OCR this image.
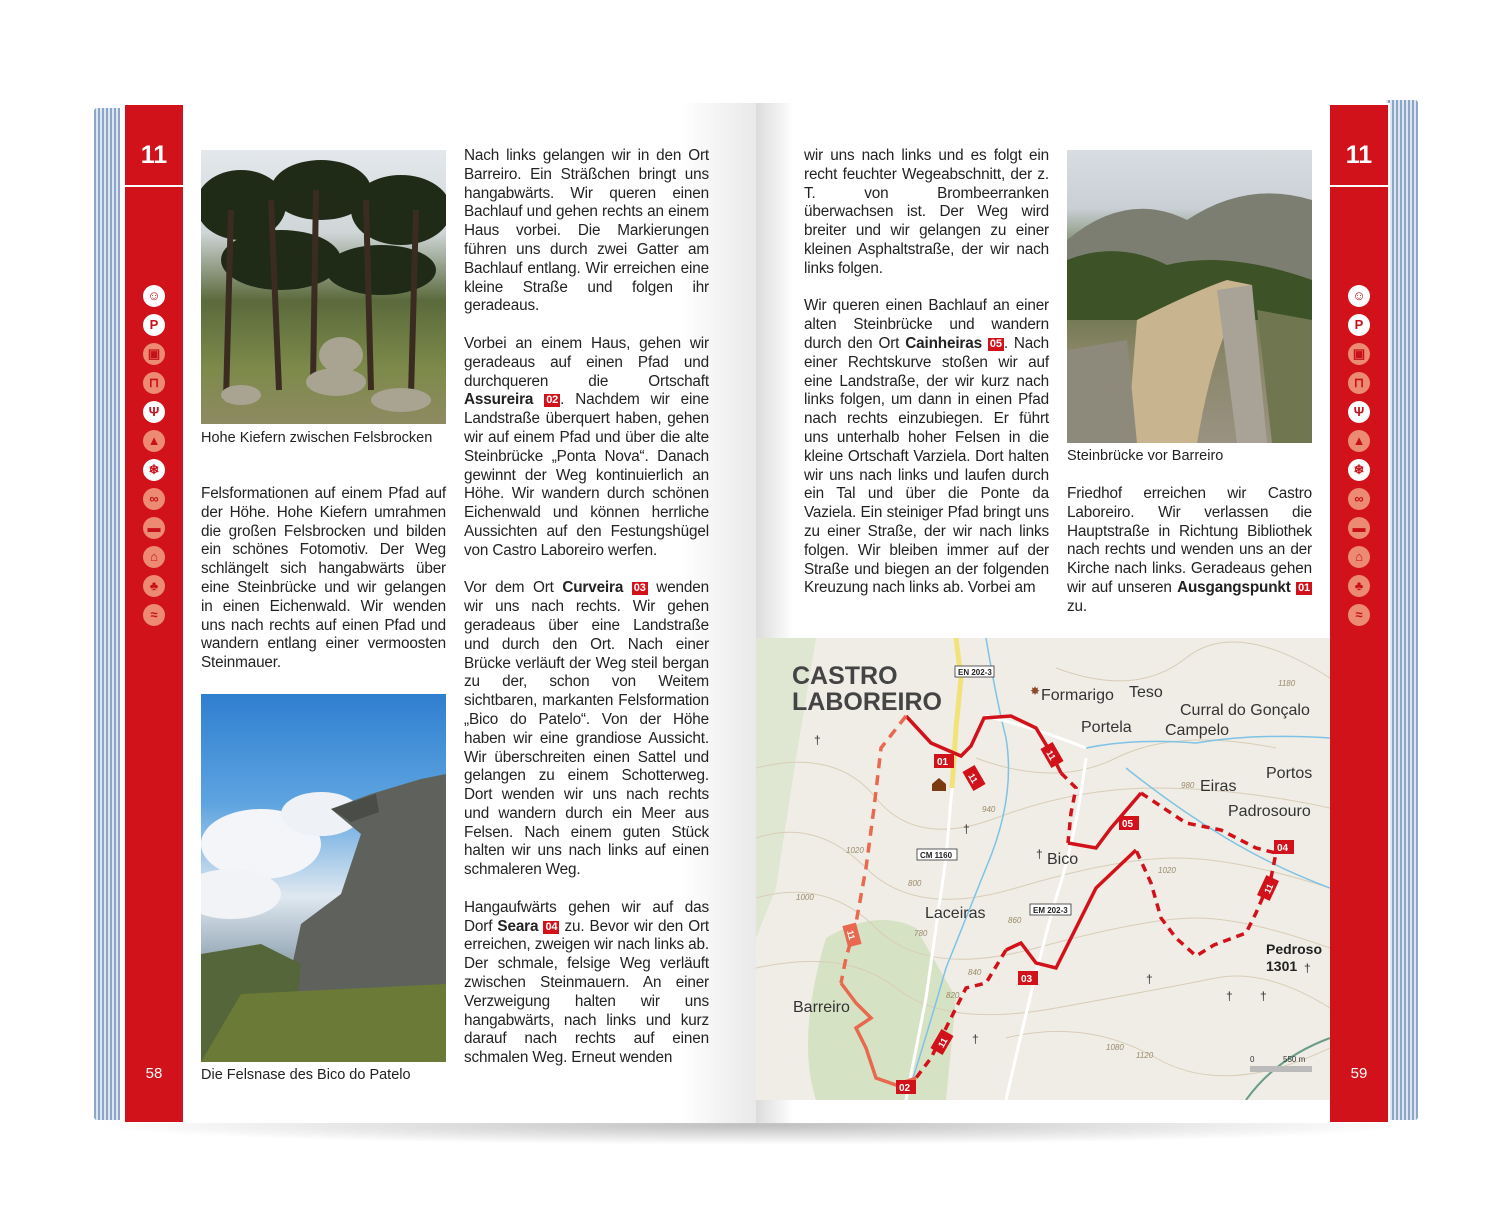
11
☺
P
▣
⊓
Ψ
▲
❄
∞
▬
⌂
♣
≈
58
11
☺
P
▣
⊓
Ψ
▲
❄
∞
▬
⌂
♣
≈
59
Hohe Kiefern zwischen Felsbrocken

Felsformationen auf einem Pfad auf der Höhe. Hohe Kiefern umrahmen die großen Felsbrocken und bilden ein schönes Fotomotiv. Der Weg schlängelt sich hangabwärts über eine Steinbrücke und wir gelangen in einen Eichenwald. Wir wenden uns nach rechts auf einen Pfad und wandern entlang einer vermoosten Steinmauer.

Die Felsnase des Bico do Patelo

Nach links gelangen wir in den Ort Barreiro. Ein Sträßchen bringt uns hangabwärts. Wir queren einen Bachlauf und gehen rechts an einem Haus vorbei. Die Markierungen führen uns durch zwei Gatter am Bachlauf entlang. Wir erreichen eine kleine Straße und folgen ihr geradeaus.

Vorbei an einem Haus, gehen wir geradeaus auf einen Pfad und durchqueren die Ortschaft Assureira 02 . Nachdem wir eine Landstraße überquert haben, gehen wir auf einem Pfad und über die alte Steinbrücke „Ponta Nova“. Danach gewinnt der Weg kontinuierlich an Höhe. Wir wandern durch schönen Eichenwald und können herrliche Aussichten auf den Festungshügel von Castro Laboreiro werfen.

Vor dem Ort Curveira 03 wenden wir uns nach rechts. Wir gehen geradeaus über eine Landstraße und durch den Ort. Nach einer Brücke verläuft der Weg steil bergan zu der, schon von Weitem sichtbaren, markanten Felsformation „Bico do Patelo“. Von der Höhe haben wir eine grandiose Aussicht. Wir überschreiten einen Sattel und gelangen zu einem Schotterweg. Dort wenden wir uns nach rechts und wandern durch ein Meer aus Felsen. Nach einem guten Stück halten wir uns nach links auf einen schmaleren Weg.

Hangaufwärts gehen wir auf das Dorf Seara 04 zu. Bevor wir den Ort erreichen, zweigen wir nach links ab. Der schmale, felsige Weg verläuft zwischen Steinmauern. An einer Verzweigung halten wir uns hangabwärts, nach links und kurz darauf nach rechts auf einen schmalen Weg. Erneut wenden

wir uns nach links und es folgt ein recht feuchter Wegeabschnitt, der z. T. von Brombeerranken überwachsen ist. Der Weg wird breiter und wir gelangen zu einer kleinen Asphaltstraße, der wir nach links folgen.

Wir queren einen Bachlauf an einer alten Steinbrücke und wandern durch den Ort Cainheiras 05 . Nach einer Rechtskurve stoßen wir auf eine Landstraße, der wir kurz nach links folgen, um dann in einen Pfad nach rechts einzubiegen. Er führt uns unterhalb hoher Felsen in die kleine Ortschaft Varziela. Dort halten wir uns nach links und laufen durch ein Tal und über die Ponte da Vaziela. Ein steiniger Pfad bringt uns zu einer Straße, der wir nach links folgen. Wir bleiben immer auf der Straße und biegen an der folgenden Kreuzung nach links ab. Vorbei am

Steinbrücke vor Barreiro

Friedhof erreichen wir Castro Laboreiro. Wir verlassen die Hauptstraße in Richtung Bibliothek nach rechts und wenden uns an der Kirche nach links. Geradeaus gehen wir auf unseren Ausgangspunkt 01 zu.

CASTRO
LABOREIRO
EN 202-3
CM 1160
EM 202-3
Formarigo Teso
Curral do Gonçalo
Portela Campelo
Portos
Eiras
Padrosouro
Bico
Laceiras
Barreiro
✸
Pedroso
1301
940
1020
1000
800
780
860
840
820
1020
1080
1120
980
1180
01
02
03
04
05
11
11
11
11
11
†
†
†
†
† †
†
†
0	550 m
